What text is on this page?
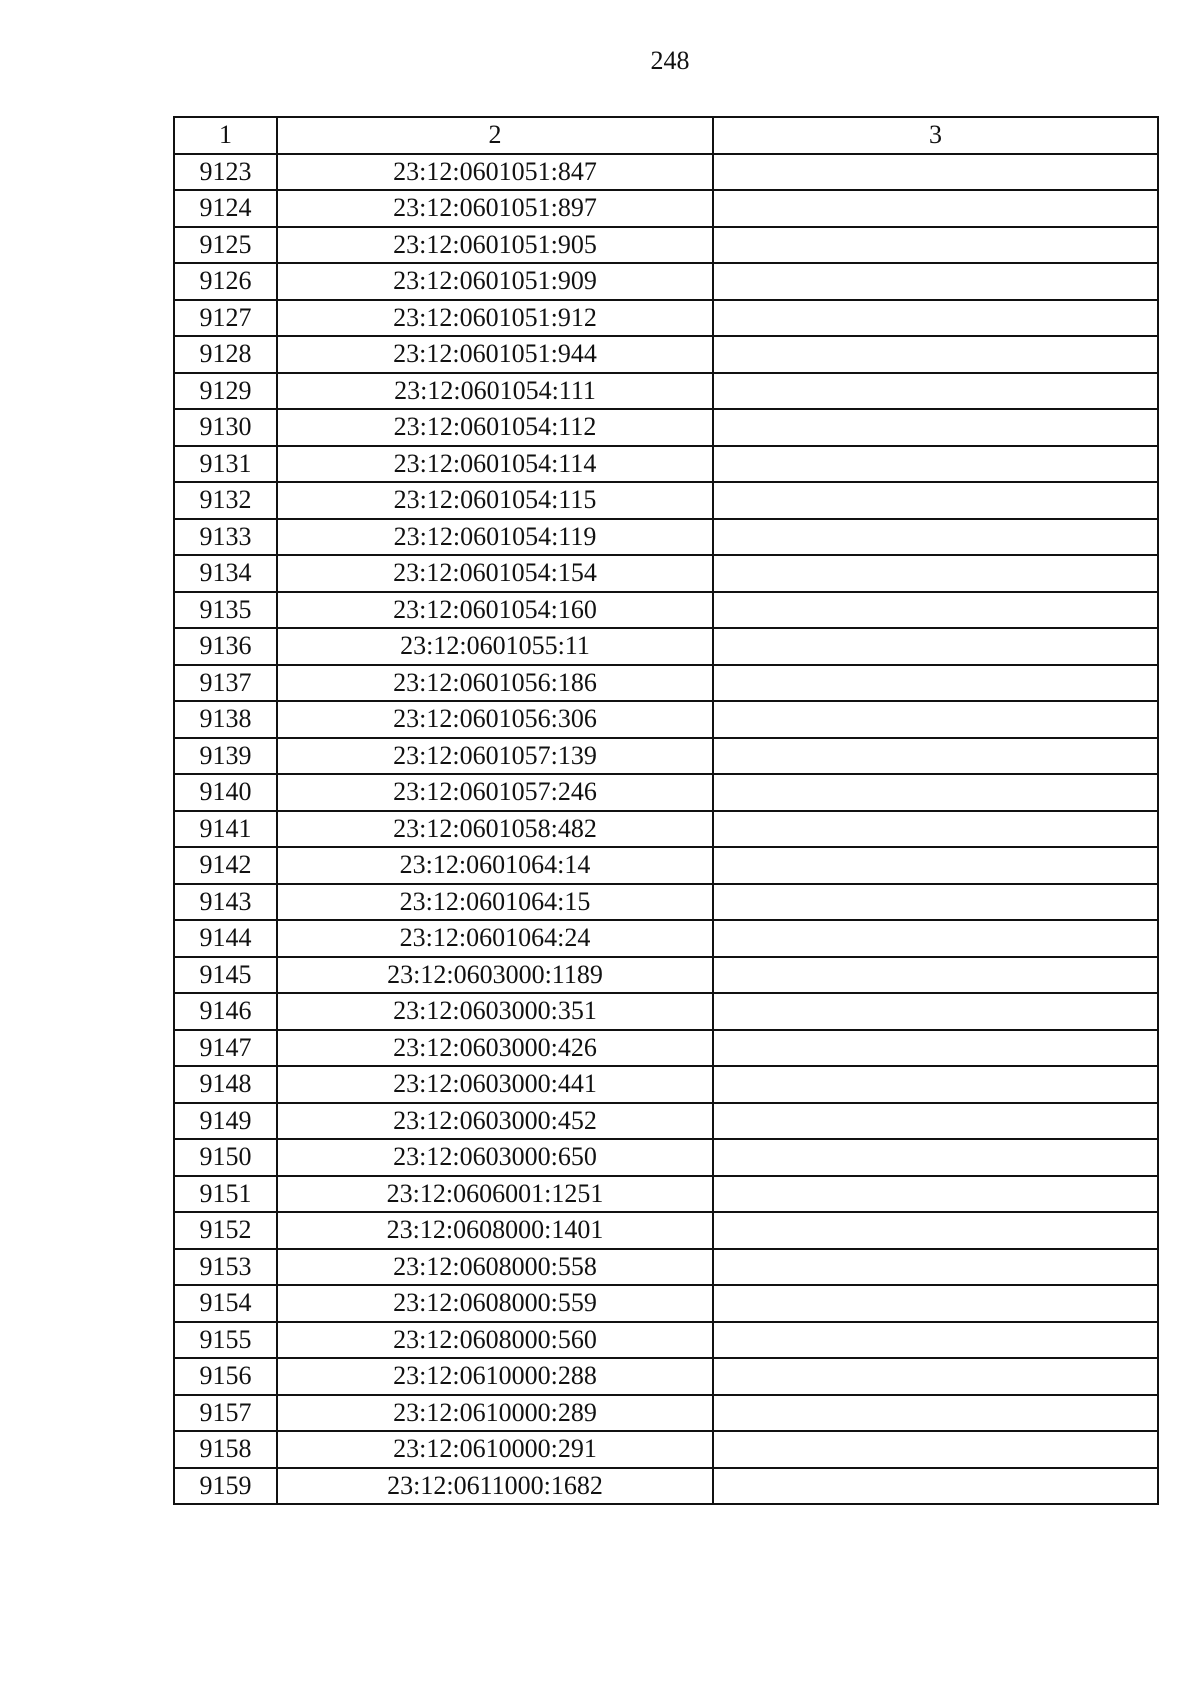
248
1	2	3
9123	23:12:0601051:847	
9124	23:12:0601051:897	
9125	23:12:0601051:905	
9126	23:12:0601051:909	
9127	23:12:0601051:912	
9128	23:12:0601051:944	
9129	23:12:0601054:111	
9130	23:12:0601054:112	
9131	23:12:0601054:114	
9132	23:12:0601054:115	
9133	23:12:0601054:119	
9134	23:12:0601054:154	
9135	23:12:0601054:160	
9136	23:12:0601055:11	
9137	23:12:0601056:186	
9138	23:12:0601056:306	
9139	23:12:0601057:139	
9140	23:12:0601057:246	
9141	23:12:0601058:482	
9142	23:12:0601064:14	
9143	23:12:0601064:15	
9144	23:12:0601064:24	
9145	23:12:0603000:1189	
9146	23:12:0603000:351	
9147	23:12:0603000:426	
9148	23:12:0603000:441	
9149	23:12:0603000:452	
9150	23:12:0603000:650	
9151	23:12:0606001:1251	
9152	23:12:0608000:1401	
9153	23:12:0608000:558	
9154	23:12:0608000:559	
9155	23:12:0608000:560	
9156	23:12:0610000:288	
9157	23:12:0610000:289	
9158	23:12:0610000:291	
9159	23:12:0611000:1682	
